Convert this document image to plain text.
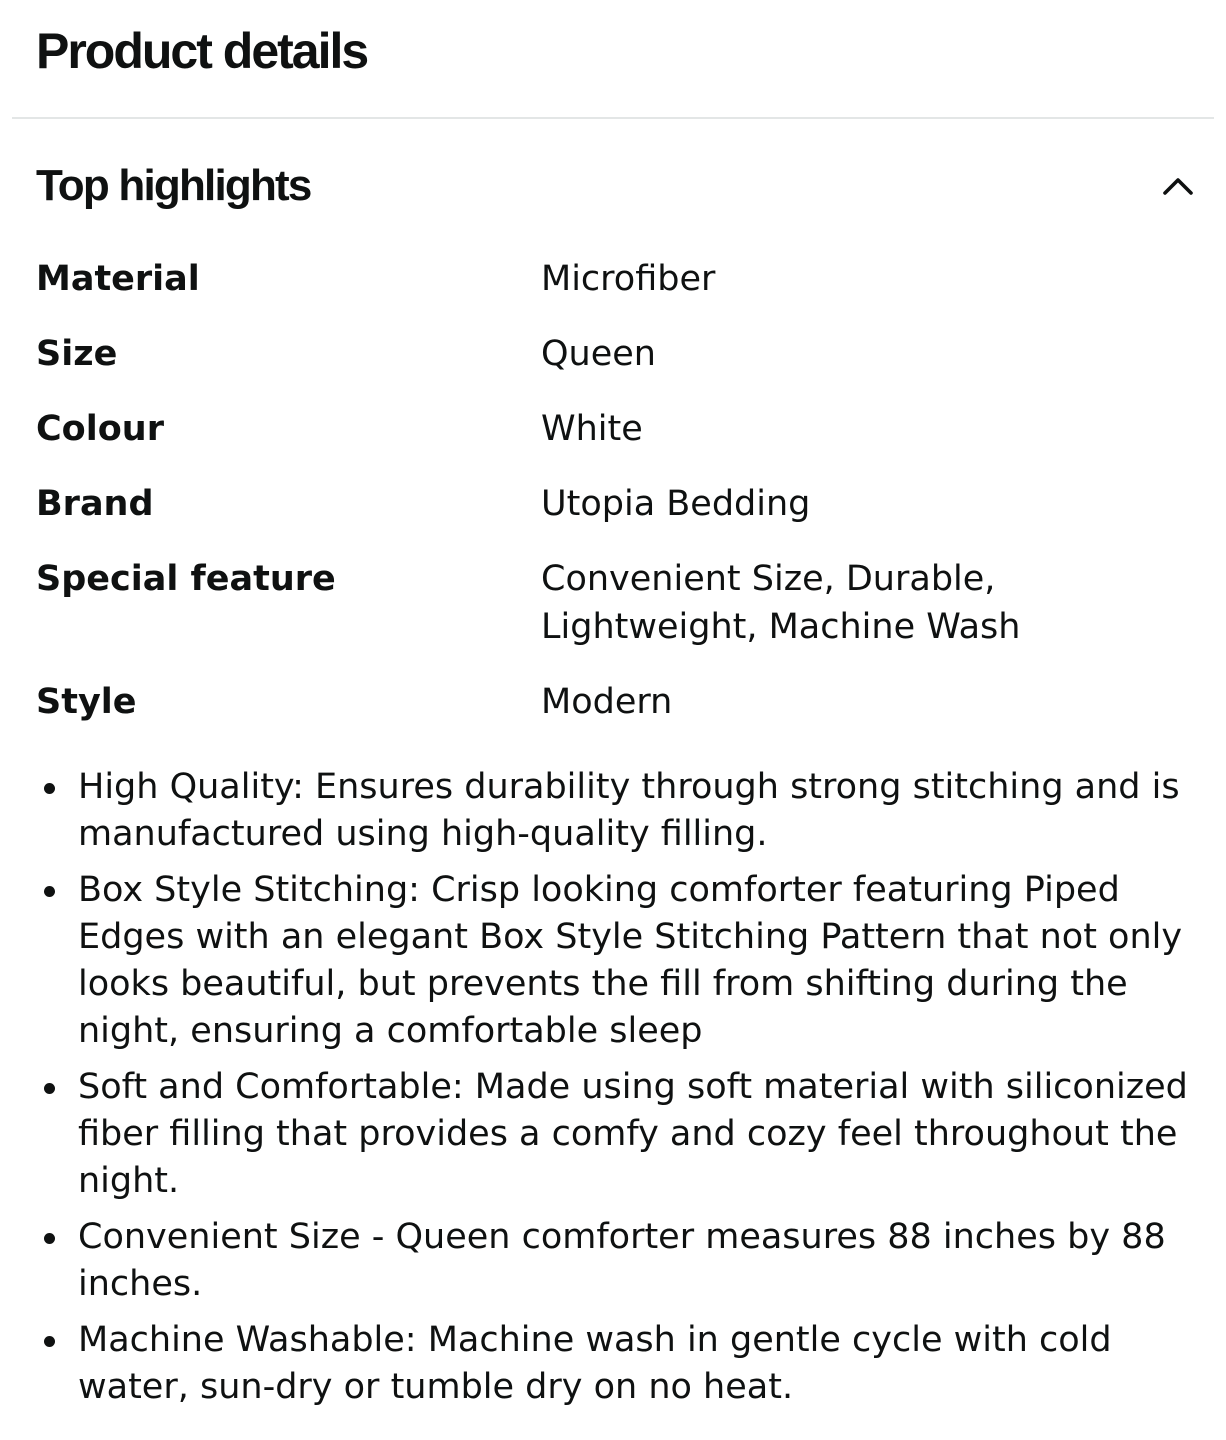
Product details
Top highlights
Material	Microfiber
Size	Queen
Colour	White
Brand	Utopia Bedding
Special feature	Convenient Size, Durable, Lightweight, Machine Wash
Style	Modern
High Quality: Ensures durability through strong stitching and is manufactured using high-quality filling.
Box Style Stitching: Crisp looking comforter featuring Piped Edges with an elegant Box Style Stitching Pattern that not only looks beautiful, but prevents the fill from shifting during the night, ensuring a comfortable sleep
Soft and Comfortable: Made using soft material with siliconized fiber filling that provides a comfy and cozy feel throughout the night.
Convenient Size - Queen comforter measures 88 inches by 88 inches.
Machine Washable: Machine wash in gentle cycle with cold water, sun-dry or tumble dry on no heat.
